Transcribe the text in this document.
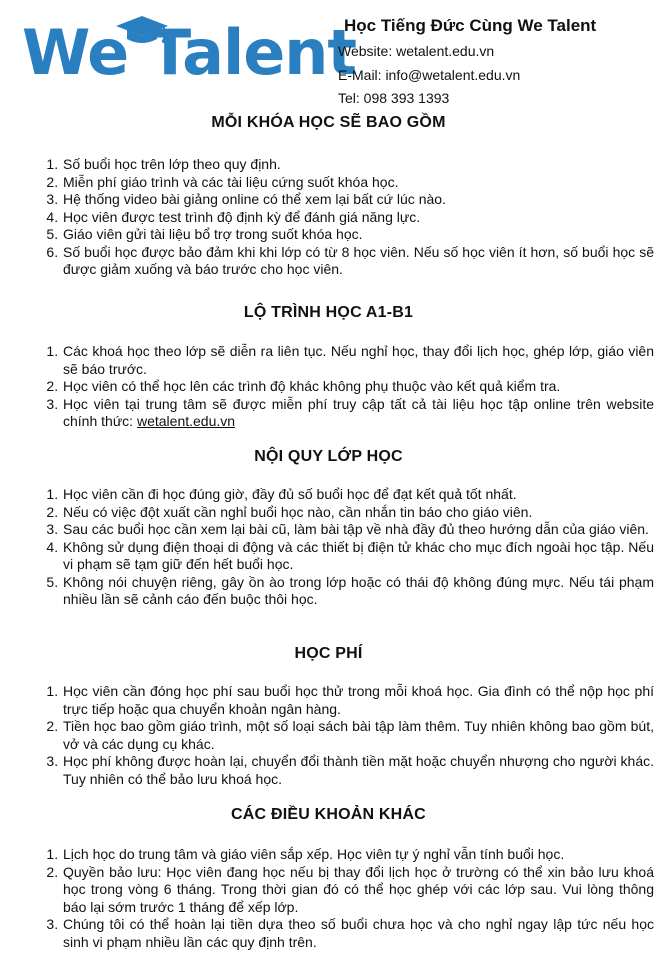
We Talent
Học Tiếng Đức Cùng We Talent
Website: wetalent.edu.vn
E-Mail: info@wetalent.edu.vn
Tel: 098 393 1393
MỖI KHÓA HỌC SẼ BAO GỒM
1. Số buổi học trên lớp theo quy định.
2. Miễn phí giáo trình và các tài liệu cứng suốt khóa học.
3. Hệ thống video bài giảng online có thể xem lại bất cứ lúc nào.
4. Học viên được test trình độ định kỳ để đánh giá năng lực.
5. Giáo viên gửi tài liệu bổ trợ trong suốt khóa học.
6. Số buổi học được bảo đảm khi khi lớp có từ 8 học viên. Nếu số học viên ít hơn, số buổi học sẽ được giảm xuống và báo trước cho học viên.
LỘ TRÌNH HỌC A1-B1
1. Các khoá học theo lớp sẽ diễn ra liên tục. Nếu nghỉ học, thay đổi lịch học, ghép lớp, giáo viên sẽ báo trước.
2. Học viên có thể học lên các trình độ khác không phụ thuộc vào kết quả kiểm tra.
3. Học viên tại trung tâm sẽ được miễn phí truy cập tất cả tài liệu học tập online trên website chính thức: wetalent.edu.vn
NỘI QUY LỚP HỌC
1. Học viên cần đi học đúng giờ, đầy đủ số buổi học để đạt kết quả tốt nhất.
2. Nếu có việc đột xuất cần nghỉ buổi học nào, cần nhắn tin báo cho giáo viên.
3. Sau các buổi học cần xem lại bài cũ, làm bài tập về nhà đầy đủ theo hướng dẫn của giáo viên.
4. Không sử dụng điện thoại di động và các thiết bị điện tử khác cho mục đích ngoài học tập. Nếu vi phạm sẽ tạm giữ đến hết buổi học.
5. Không nói chuyện riêng, gây ồn ào trong lớp hoặc có thái độ không đúng mực. Nếu tái phạm nhiều lần sẽ cảnh cáo đến buộc thôi học.
HỌC PHÍ
1. Học viên cần đóng học phí sau buổi học thử trong mỗi khoá học. Gia đình có thể nộp học phí trực tiếp hoặc qua chuyển khoản ngân hàng.
2. Tiền học bao gồm giáo trình, một số loại sách bài tập làm thêm. Tuy nhiên không bao gồm bút, vở và các dụng cụ khác.
3. Học phí không được hoàn lại, chuyển đổi thành tiền mặt hoặc chuyển nhượng cho người khác. Tuy nhiên có thể bảo lưu khoá học.
CÁC ĐIỀU KHOẢN KHÁC
1. Lịch học do trung tâm và giáo viên sắp xếp. Học viên tự ý nghỉ vẫn tính buổi học.
2. Quyền bảo lưu: Học viên đang học nếu bị thay đổi lịch học ở trường có thể xin bảo lưu khoá học trong vòng 6 tháng. Trong thời gian đó có thể học ghép với các lớp sau. Vui lòng thông báo lại sớm trước 1 tháng để xếp lớp.
3. Chúng tôi có thể hoàn lại tiền dựa theo số buổi chưa học và cho nghỉ ngay lập tức nếu học sinh vi phạm nhiều lần các quy định trên.
